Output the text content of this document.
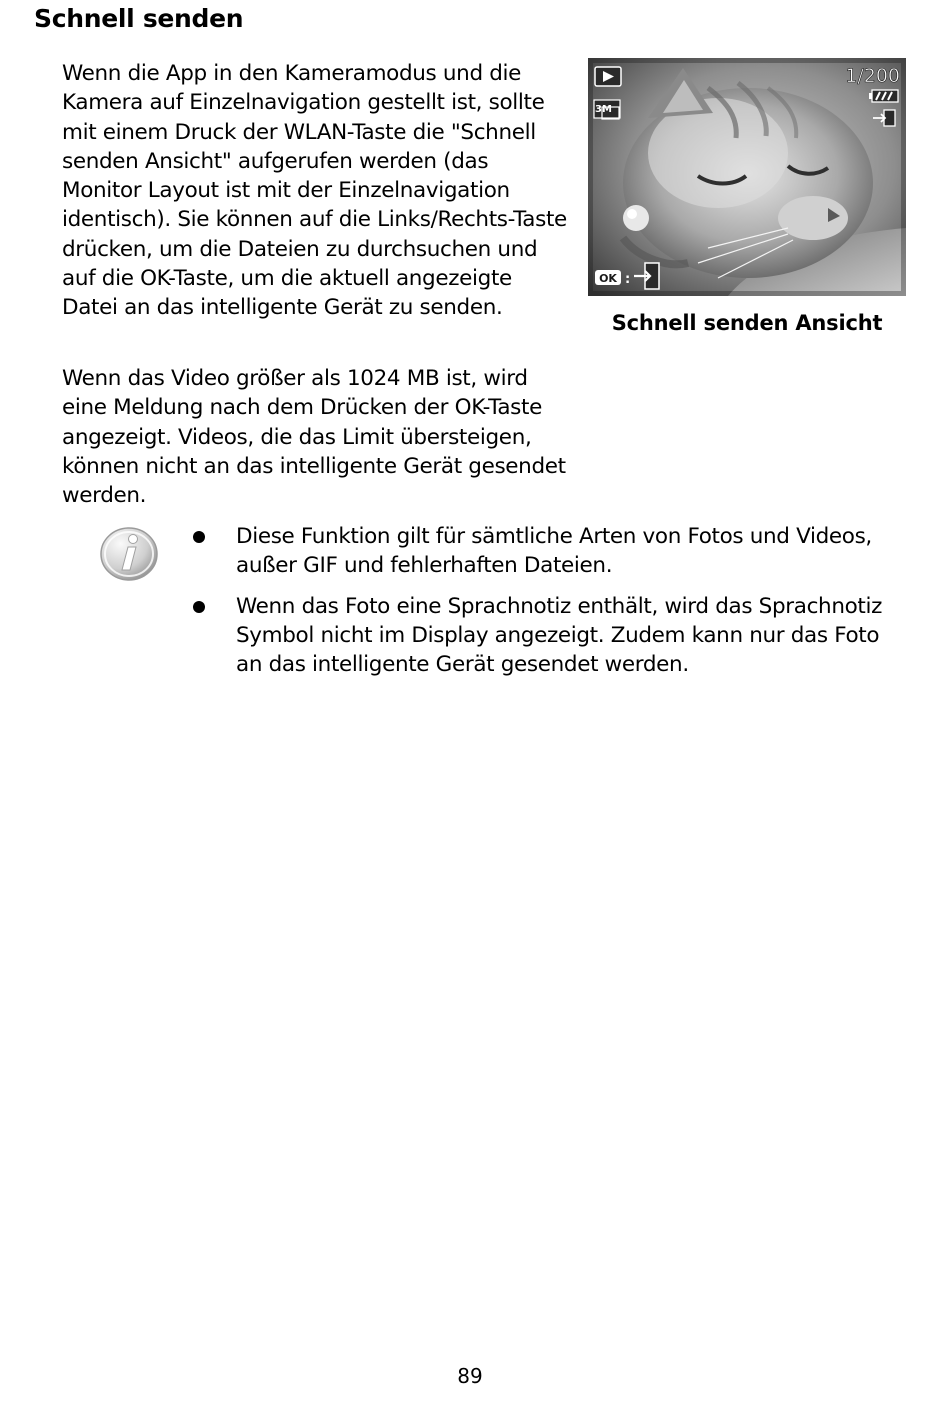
Schnell senden

Wenn die App in den Kameramodus und die Kamera auf Einzelnavigation gestellt ist, sollte mit einem Druck der WLAN-Taste die "Schnell senden Ansicht" aufgerufen werden (das Monitor Layout ist mit der Einzelnavigation identisch). Sie können auf die Links/Rechts-Taste drücken, um die Dateien zu durchsuchen und auf die OK-Taste, um die aktuell angezeigte Datei an das intelligente Gerät zu senden.

Wenn das Video größer als 1024 MB ist, wird eine Meldung nach dem Drücken der OK-Taste angezeigt. Videos, die das Limit übersteigen, können nicht an das intelligente Gerät gesendet werden.

3M
1/200
OK :

Schnell senden Ansicht

Diese Funktion gilt für sämtliche Arten von Fotos und Videos, außer GIF und fehlerhaften Dateien.
Wenn das Foto eine Sprachnotiz enthält, wird das Sprachnotiz Symbol nicht im Display angezeigt. Zudem kann nur das Foto an das intelligente Gerät gesendet werden.
89
